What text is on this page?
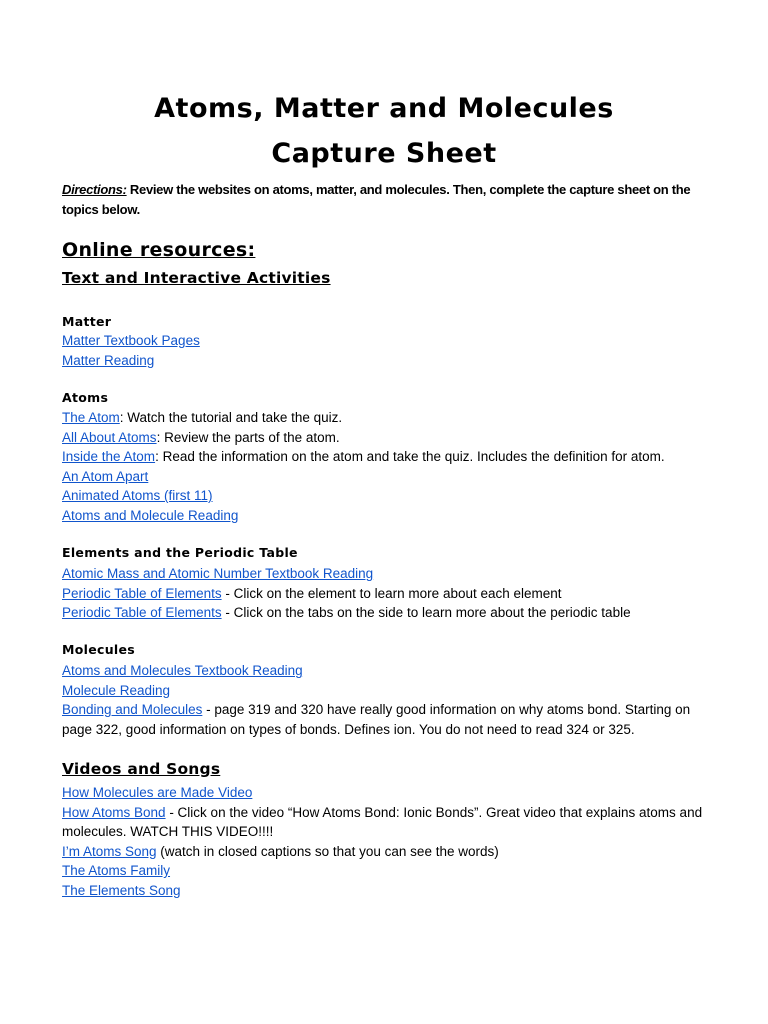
Atoms, Matter and Molecules
Capture Sheet

Directions: Review the websites on atoms, matter, and molecules. Then, complete the capture sheet on the topics below.

Online resources:
Text and Interactive Activities
Matter
Matter Textbook Pages
Matter Reading
Atoms
The Atom: Watch the tutorial and take the quiz.
All About Atoms: Review the parts of the atom.
Inside the Atom: Read the information on the atom and take the quiz. Includes the definition for atom.
An Atom Apart
Animated Atoms (first 11)
Atoms and Molecule Reading
Elements and the Periodic Table
Atomic Mass and Atomic Number Textbook Reading
Periodic Table of Elements - Click on the element to learn more about each element
Periodic Table of Elements - Click on the tabs on the side to learn more about the periodic table
Molecules
Atoms and Molecules Textbook Reading
Molecule Reading
Bonding and Molecules - page 319 and 320 have really good information on why atoms bond. Starting on page 322, good information on types of bonds. Defines ion. You do not need to read 324 or 325.
Videos and Songs
How Molecules are Made Video
How Atoms Bond - Click on the video “How Atoms Bond: Ionic Bonds”. Great video that explains atoms and molecules. WATCH THIS VIDEO!!!!
I’m Atoms Song (watch in closed captions so that you can see the words)
The Atoms Family
The Elements Song
